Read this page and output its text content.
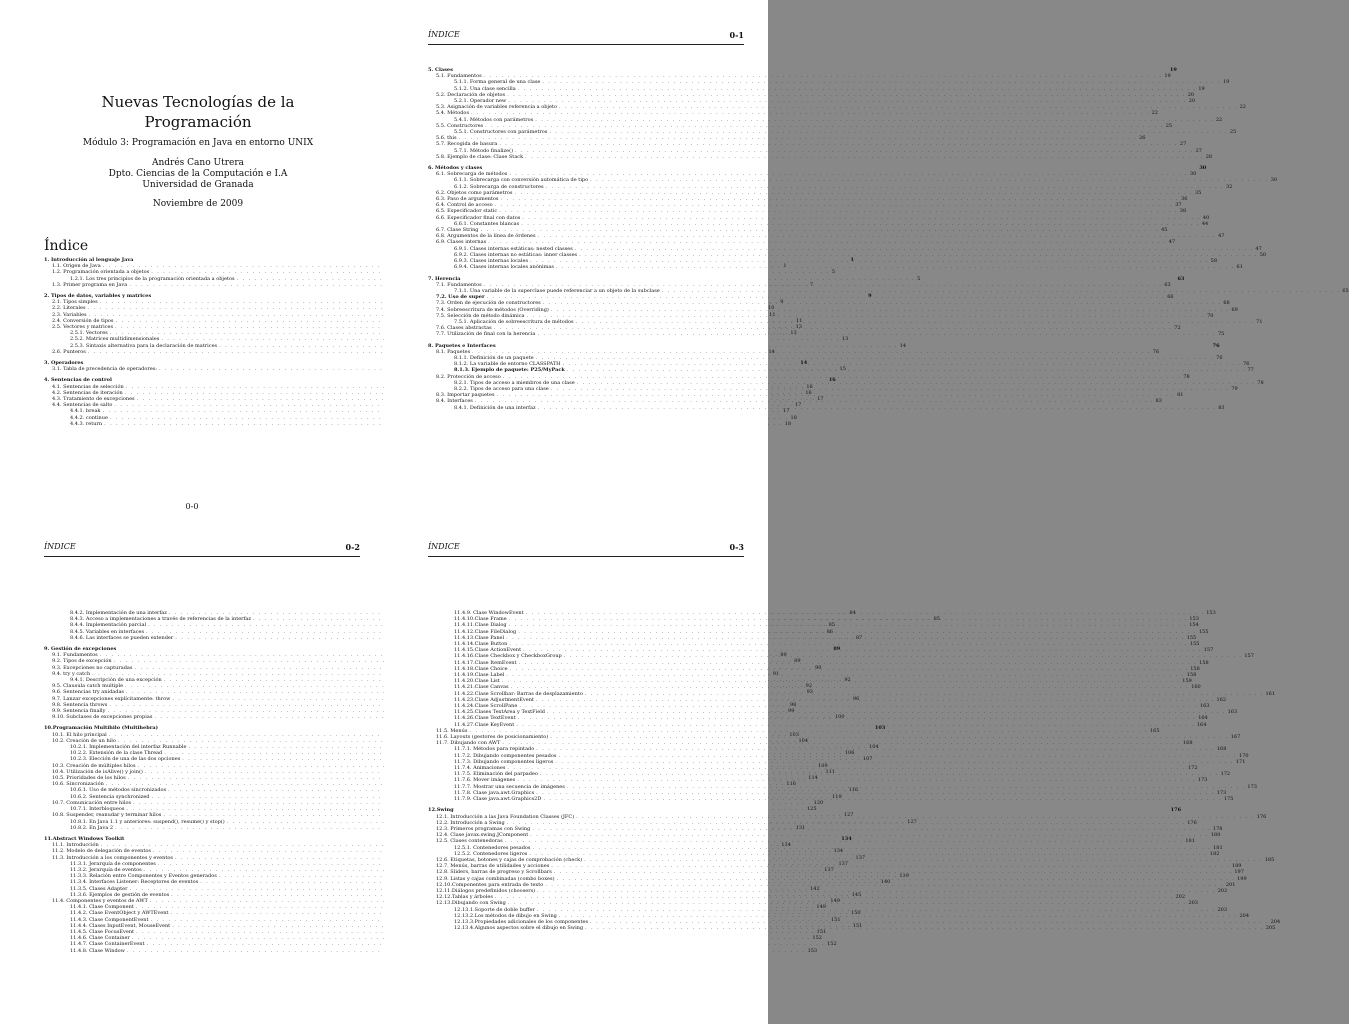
Nuevas Tecnologías de la Programación
Módulo 3: Programación en Java en entorno UNIX
Andrés Cano Utrera
Dpto. Ciencias de la Computación e I.A
Universidad de Granada
Noviembre de 2009
Índice
1. Introducción al lenguaje Java	1
1.1. Origen de Java . . .	1
1.2. Programación orientada a objetos . . .	5
1.2.1. Los tres principios de la programación orientada a objetos . . .	5
1.3. Primer programa en Java . . .	7
2. Tipos de datos, variables y matrices	9
2.1. Tipos simples . . .	9
2.2. Literales . . .	10
2.3. Variables . . .	11
2.4. Conversión de tipos . . .	11
2.5. Vectores y matrices . . .	13
2.5.1. Vectores . . .	13
2.5.2. Matrices multidimensionales . . .	13
2.5.3. Sintaxis alternativa para la declaración de matrices . . .	14
2.6. Punteros . . .	14
3. Operadores	14
3.1. Tabla de precedencia de operadores: . . .	15
4. Sentencias de control	16
4.1. Sentencias de selección . . .	16
4.2. Sentencias de iteración . . .	16
4.3. Tratamiento de excepciones . . .	17
4.4. Sentencias de salto . . .	17
4.4.1. break . . .	17
4.4.2. continue . . .	18
4.4.3. return . . .	18
0-0
ÍNDICE	0-1
5. Clases	19
5.1. Fundamentos . . .	19
5.1.1. Forma general de una clase . . .	19
5.1.2. Una clase sencilla . . .	19
5.2. Declaración de objetos . . .	20
5.2.1. Operador new . . .	20
5.3. Asignación de variables referencia a objeto . . .	22
5.4. Métodos . . .	22
5.4.1. Métodos con parámetros . . .	22
5.5. Constructores . . .	25
5.5.1. Constructores con parámetros . . .	25
5.6. this . . .	26
5.7. Recogida de basura . . .	27
5.7.1. Método finalize() . . .	27
5.8. Ejemplo de clase: Clase Stack . . .	28
6. Métodos y clases	30
6.1. Sobrecarga de métodos . . .	30
6.1.1. Sobrecarga con conversión automática de tipo . . .	30
6.1.2. Sobrecarga de constructores . . .	32
6.2. Objetos como parámetros . . .	35
6.3. Paso de argumentos . . .	36
6.4. Control de acceso . . .	37
6.5. Especificador static . . .	38
6.6. Especificador final con datos . . .	40
6.6.1. Constantes blancas . . .	44
6.7. Clase String . . .	45
6.8. Argumentos de la línea de órdenes . . .	47
6.9. Clases internas . . .	47
6.9.1. Clases internas estáticas: nested classes . . .	47
6.9.2. Clases internas no estáticas: inner classes . . .	50
6.9.3. Clases internas locales . . .	58
6.9.4. Clases internas locales anónimas . . .	61
7. Herencia	63
7.1. Fundamentos . . .	63
7.1.1. Una variable de la superclase puede referenciar a un objeto de la subclase . . .	65
7.2. Uso de super . . .	66
7.3. Orden de ejecución de constructores . . .	68
7.4. Sobreescritura de métodos (Overriding) . . .	69
7.5. Selección de método dinámica . . .	70
7.5.1. Aplicación de sobreescritura de métodos . . .	71
7.6. Clases abstractas . . .	72
7.7. Utilización de final con la herencia . . .	75
8. Paquetes e Interfaces	76
8.1. Paquetes . . .	76
8.1.1. Definición de un paquete . . .	76
8.1.2. La variable de entorno CLASSPATH . . .	76
8.1.3. Ejemplo de paquete: P25/MyPack . . .	77
8.2. Protección de acceso . . .	78
8.2.1. Tipos de acceso a miembros de una clase . . .	78
8.2.2. Tipos de acceso para una clase . . .	79
8.3. Importar paquetes . . .	81
8.4. Interfaces . . .	83
8.4.1. Definición de una interfaz . . .	83
ÍNDICE	0-2
8.4.2. Implementación de una interfaz . . .	84
8.4.3. Acceso a implementaciones a través de referencias de la interfaz . . .	85
8.4.4. Implementación parcial . . .	85
8.4.5. Variables en interfaces . . .	86
8.4.6. Las interfaces se pueden extender . . .	87
9. Gestión de excepciones	89
9.1. Fundamentos . . .	89
9.2. Tipos de excepción . . .	89
9.3. Excepciones no capturadas . . .	90
9.4. try y catch . . .	91
9.4.1. Descripción de una excepción . . .	92
9.5. Clausula catch multiple . . .	92
9.6. Sentencias try anidadas . . .	93
9.7. Lanzar excepciones explícitamente: throw . . .	96
9.8. Sentencia throws . . .	98
9.9. Sentencia finally . . .	99
9.10. Subclases de excepciones propias . . .	100
10.Programación Multihilo (Multihebra)	103
10.1. El hilo principal . . .	103
10.2. Creación de un hilo . . .	104
10.2.1. Implementación del interfaz Runnable . . .	104
10.2.2. Extensión de la clase Thread . . .	106
10.2.3. Elección de una de las dos opciones . . .	107
10.3. Creación de múltiples hilos . . .	109
10.4. Utilización de isAlive() y join() . . .	111
10.5. Prioridades de los hilos . . .	114
10.6. Sincronización . . .	116
10.6.1. Uso de métodos sincronizados . . .	116
10.6.2. Sentencia synchronized . . .	119
10.7. Comunicación entre hilos . . .	120
10.7.1. Interbloqueos . . .	125
10.8. Suspender, reanudar y terminar hilos . . .	127
10.8.1. En Java 1.1 y anteriores: suspend(), resume() y stop() . . .	127
10.8.2. En Java 2 . . .	131
11.Abstract Windows Toolkit	134
11.1. Introducción . . .	134
11.2. Modelo de delegación de eventos . . .	134
11.3. Introducción a los componentes y eventos . . .	137
11.3.1. Jerarquía de componentes . . .	137
11.3.2. Jerarquía de eventos . . .	137
11.3.3. Relación entre Componentes y Eventos generados . . .	139
11.3.4. Interfaces Listener: Receptores de eventos . . .	140
11.3.5. Clases Adapter . . .	142
11.3.6. Ejemplos de gestión de eventos . . .	145
11.4. Componentes y eventos de AWT . . .	149
11.4.1. Clase Component . . .	149
11.4.2. Clase EventObject y AWTEvent . . .	150
11.4.3. Clase ComponentEvent . . .	151
11.4.4. Clases InputEvent, MouseEvent . . .	151
11.4.5. Clase FocusEvent . . .	151
11.4.6. Clase Container . . .	152
11.4.7. Clase ContainerEvent . . .	152
11.4.8. Clase Window . . .	153
ÍNDICE	0-3
11.4.9. Clase WindowEvent . . .	153
11.4.10.Clase Frame . . .	153
11.4.11.Clase Dialog . . .	154
11.4.12.Clase FileDialog . . .	155
11.4.13.Clase Panel . . .	155
11.4.14.Clase Button . . .	155
11.4.15.Clase ActionEvent . . .	157
11.4.16.Clase Checkbox y CheckboxGroup . . .	157
11.4.17.Clase ItemEvent . . .	158
11.4.18.Clase Choice . . .	158
11.4.19.Clase Label . . .	158
11.4.20.Clase List . . .	159
11.4.21.Clase Canvas . . .	160
11.4.22.Clase Scrollbar: Barras de desplazamiento . . .	161
11.4.23.Clase AdjustmentEvent . . .	162
11.4.24.Clase ScrollPane . . .	163
11.4.25.Clases TextArea y TextField . . .	163
11.4.26.Clase TextEvent . . .	164
11.4.27.Clase KeyEvent . . .	164
11.5. Menús . . .	165
11.6. Layouts (gestores de posicionamiento) . . .	167
11.7. Dibujando con AWT . . .	168
11.7.1. Métodos para repintado . . .	168
11.7.2. Dibujando componentes pesados . . .	170
11.7.3. Dibujando componentes ligeros . . .	171
11.7.4. Animaciones . . .	172
11.7.5. Eliminación del parpadeo . . .	172
11.7.6. Mover imágenes . . .	173
11.7.7. Mostrar una secuencia de imágenes . . .	173
11.7.8. Clase java.awt.Graphics . . .	173
11.7.9. Clase java.awt.Graphics2D . . .	175
12.Swing	176
12.1. Introducción a las Java Foundation Classes (JFC) . . .	176
12.2. Introducción a Swing . . .	176
12.3. Primeros programas con Swing . . .	178
12.4. Clase javax.swing.JComponent . . .	180
12.5. Clases contenedoras . . .	181
12.5.1. Contenedores pesados . . .	181
12.5.2. Contenedores ligeros . . .	182
12.6. Etiquetas, botones y cajas de comprobación (check) . . .	185
12.7. Menús, barras de utilidades y acciones . . .	189
12.8. Sliders, barras de progreso y Scrollbars . . .	197
12.9. Listas y cajas combinadas (combo boxes) . . .	199
12.10.Componentes para entrada de texto . . .	201
12.11.Diálogos predefinidos (choosers) . . .	202
12.12.Tablas y árboles . . .	202
12.13.Dibujando con Swing . . .	203
12.13.1.Soporte de doble buffer . . .	203
12.13.2.Los métodos de dibujo en Swing . . .	204
12.13.3.Propiedades adicionales de los componentes . . .	204
12.13.4.Algunos aspectos sobre el dibujo en Swing . . .	205
